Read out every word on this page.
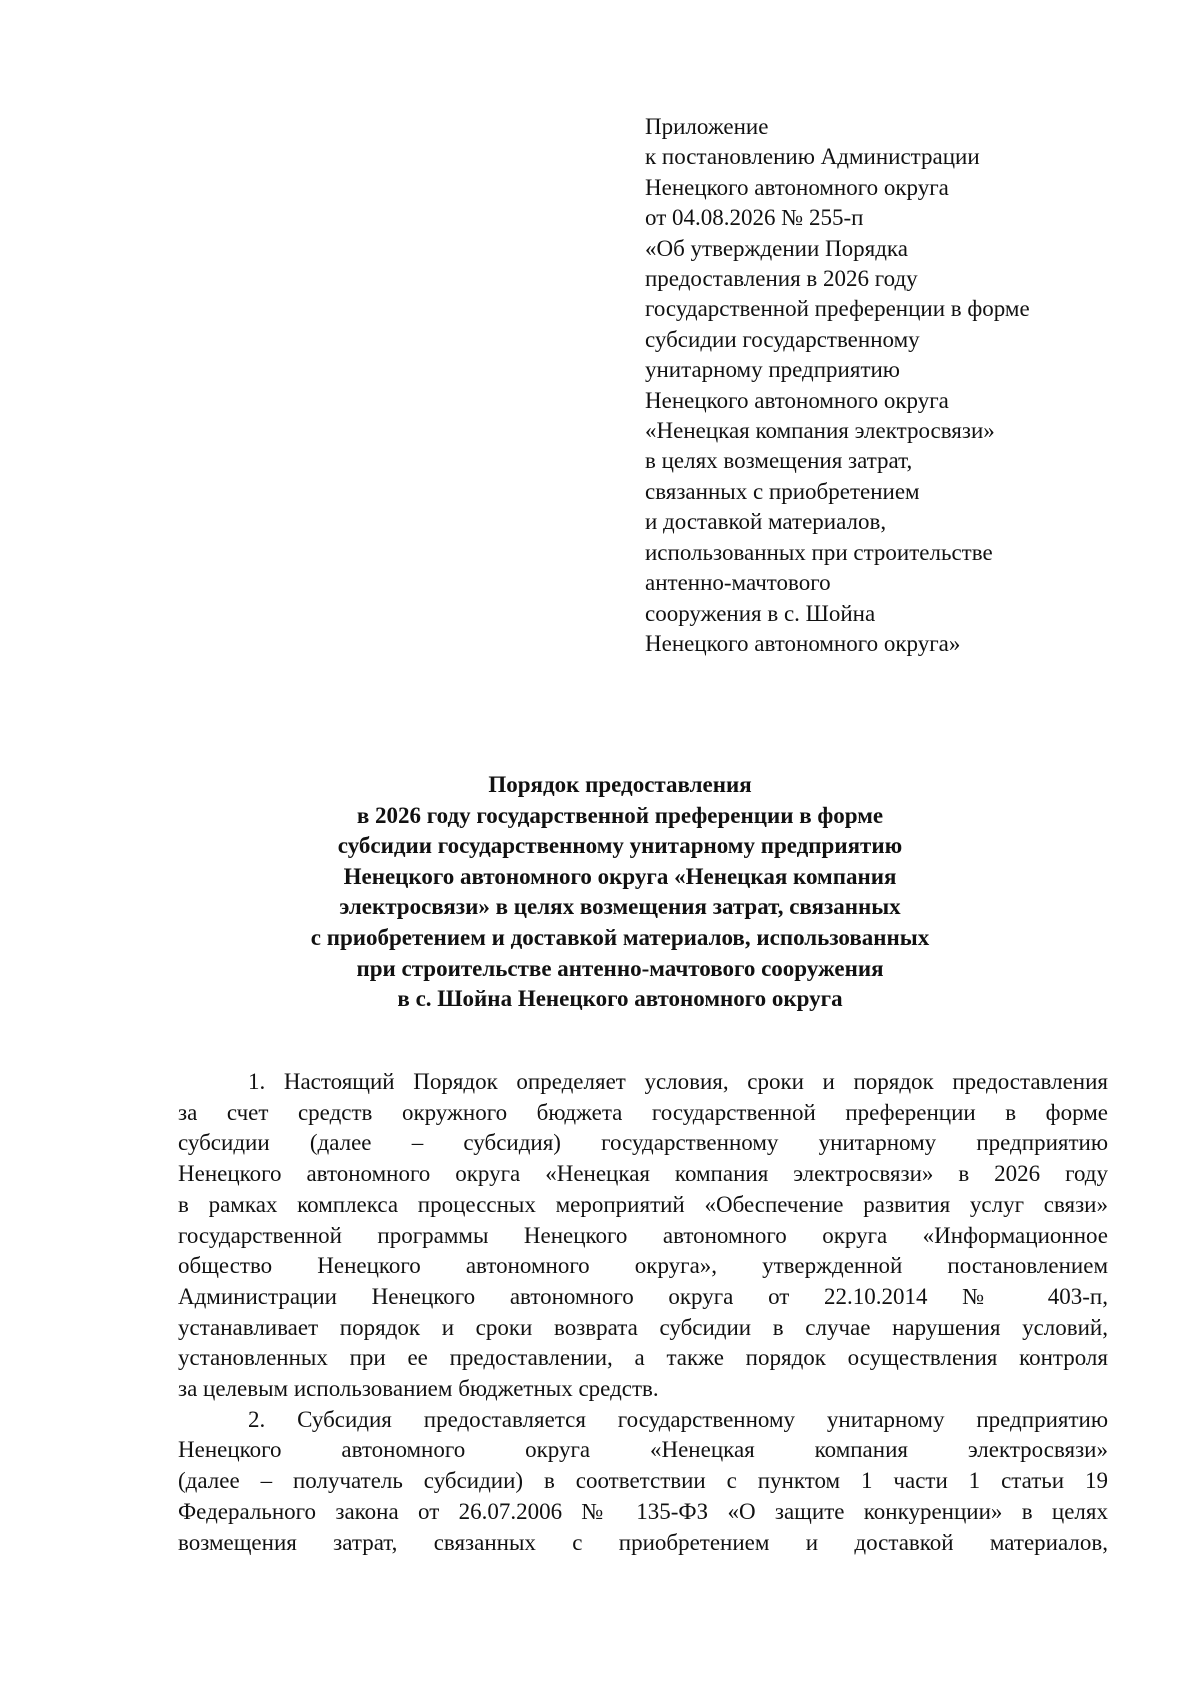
Приложение
к постановлению Администрации
Ненецкого автономного округа
от 04.08.2026 № 255-п
«Об утверждении Порядка
предоставления в 2026 году
государственной преференции в форме
субсидии государственному
унитарному предприятию
Ненецкого автономного округа
«Ненецкая компания электросвязи»
в целях возмещения затрат,
связанных с приобретением
и доставкой материалов,
использованных при строительстве
антенно-мачтового
сооружения в с. Шойна
Ненецкого автономного округа»
Порядок предоставления
в 2026 году государственной преференции в форме
субсидии государственному унитарному предприятию
Ненецкого автономного округа «Ненецкая компания
электросвязи» в целях возмещения затрат, связанных
с приобретением и доставкой материалов, использованных
при строительстве антенно-мачтового сооружения
в с. Шойна Ненецкого автономного округа
1. Настоящий Порядок определяет условия, сроки и порядок предоставления
за счет средств окружного бюджета государственной преференции в форме
субсидии (далее – субсидия) государственному унитарному предприятию
Ненецкого автономного округа «Ненецкая компания электросвязи» в 2026 году
в рамках комплекса процессных мероприятий «Обеспечение развития услуг связи»
государственной программы Ненецкого автономного округа «Информационное
общество Ненецкого автономного округа», утвержденной постановлением
Администрации Ненецкого автономного округа от 22.10.2014 № 403-п,
устанавливает порядок и сроки возврата субсидии в случае нарушения условий,
установленных при ее предоставлении, а также порядок осуществления контроля
за целевым использованием бюджетных средств.
2. Субсидия предоставляется государственному унитарному предприятию
Ненецкого автономного округа «Ненецкая компания электросвязи»
(далее – получатель субсидии) в соответствии с пунктом 1 части 1 статьи 19
Федерального закона от 26.07.2006 № 135-ФЗ «О защите конкуренции» в целях
возмещения затрат, связанных с приобретением и доставкой материалов,
